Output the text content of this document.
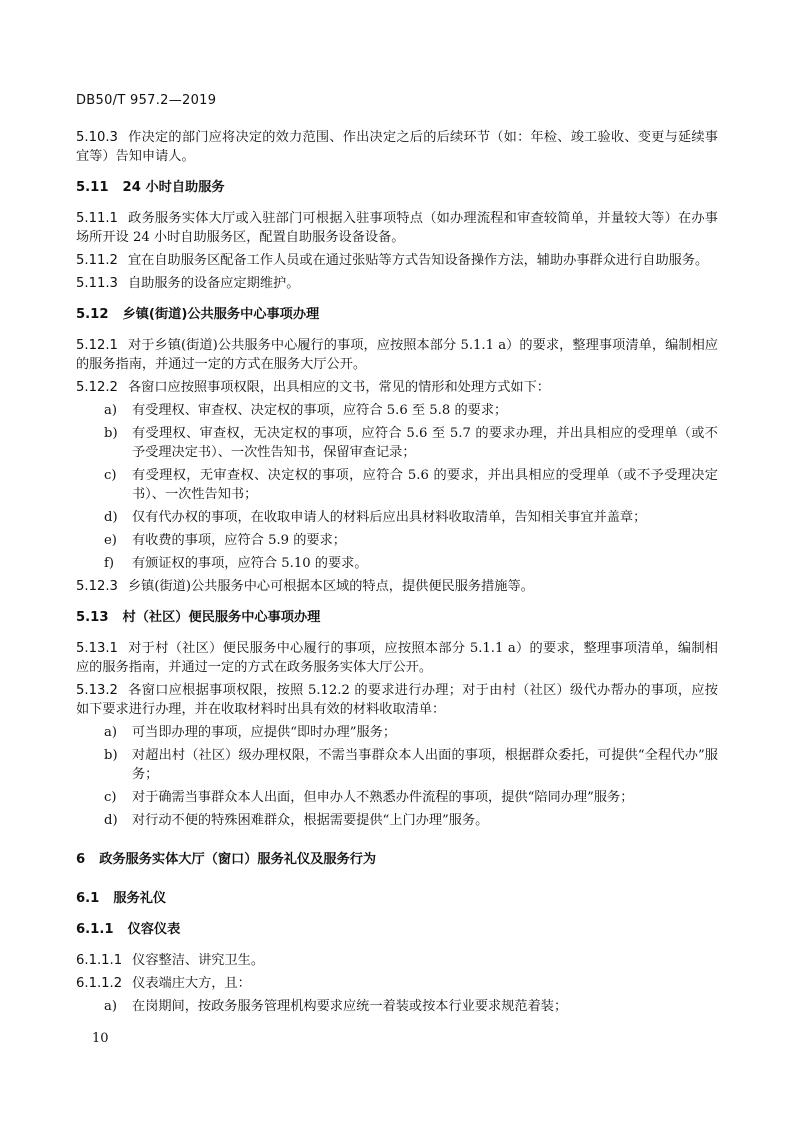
DB50/T 957.2—2019

5.10.3 作决定的部门应将决定的效力范围、作出决定之后的后续环节（如：年检、竣工验收、变更与延续事宜等）告知申请人。

5.11 24 小时自助服务

5.11.1 政务服务实体大厅或入驻部门可根据入驻事项特点（如办理流程和审查较简单，并量较大等）在办事场所开设 24 小时自助服务区，配置自助服务设备设备。

5.11.2 宜在自助服务区配备工作人员或在通过张贴等方式告知设备操作方法，辅助办事群众进行自助服务。

5.11.3 自助服务的设备应定期维护。

5.12 乡镇(街道)公共服务中心事项办理

5.12.1 对于乡镇(街道)公共服务中心履行的事项，应按照本部分 5.1.1 a）的要求，整理事项清单，编制相应的服务指南，并通过一定的方式在服务大厅公开。

5.12.2 各窗口应按照事项权限，出具相应的文书，常见的情形和处理方式如下：

a) 有受理权、审查权、决定权的事项，应符合 5.6 至 5.8 的要求；

b) 有受理权、审查权，无决定权的事项，应符合 5.6 至 5.7 的要求办理，并出具相应的受理单（或不予受理决定书）、一次性告知书，保留审查记录；

c) 有受理权，无审查权、决定权的事项，应符合 5.6 的要求，并出具相应的受理单（或不予受理决定书）、一次性告知书；

d) 仅有代办权的事项，在收取申请人的材料后应出具材料收取清单，告知相关事宜并盖章；

e) 有收费的事项，应符合 5.9 的要求；

f) 有颁证权的事项，应符合 5.10 的要求。

5.12.3 乡镇(街道)公共服务中心可根据本区域的特点，提供便民服务措施等。

5.13 村（社区）便民服务中心事项办理

5.13.1 对于村（社区）便民服务中心履行的事项，应按照本部分 5.1.1 a）的要求，整理事项清单，编制相应的服务指南，并通过一定的方式在政务服务实体大厅公开。

5.13.2 各窗口应根据事项权限，按照 5.12.2 的要求进行办理；对于由村（社区）级代办帮办的事项，应按如下要求进行办理，并在收取材料时出具有效的材料收取清单：

a) 可当即办理的事项，应提供“即时办理”服务；

b) 对超出村（社区）级办理权限，不需当事群众本人出面的事项，根据群众委托，可提供“全程代办”服务；

c) 对于确需当事群众本人出面，但申办人不熟悉办件流程的事项，提供“陪同办理”服务；

d) 对行动不便的特殊困难群众，根据需要提供“上门办理”服务。

6 政务服务实体大厅（窗口）服务礼仪及服务行为

6.1 服务礼仪

6.1.1 仪容仪表

6.1.1.1 仪容整洁、讲究卫生。

6.1.1.2 仪表端庄大方，且：

a) 在岗期间，按政务服务管理机构要求应统一着装或按本行业要求规范着装；

10
